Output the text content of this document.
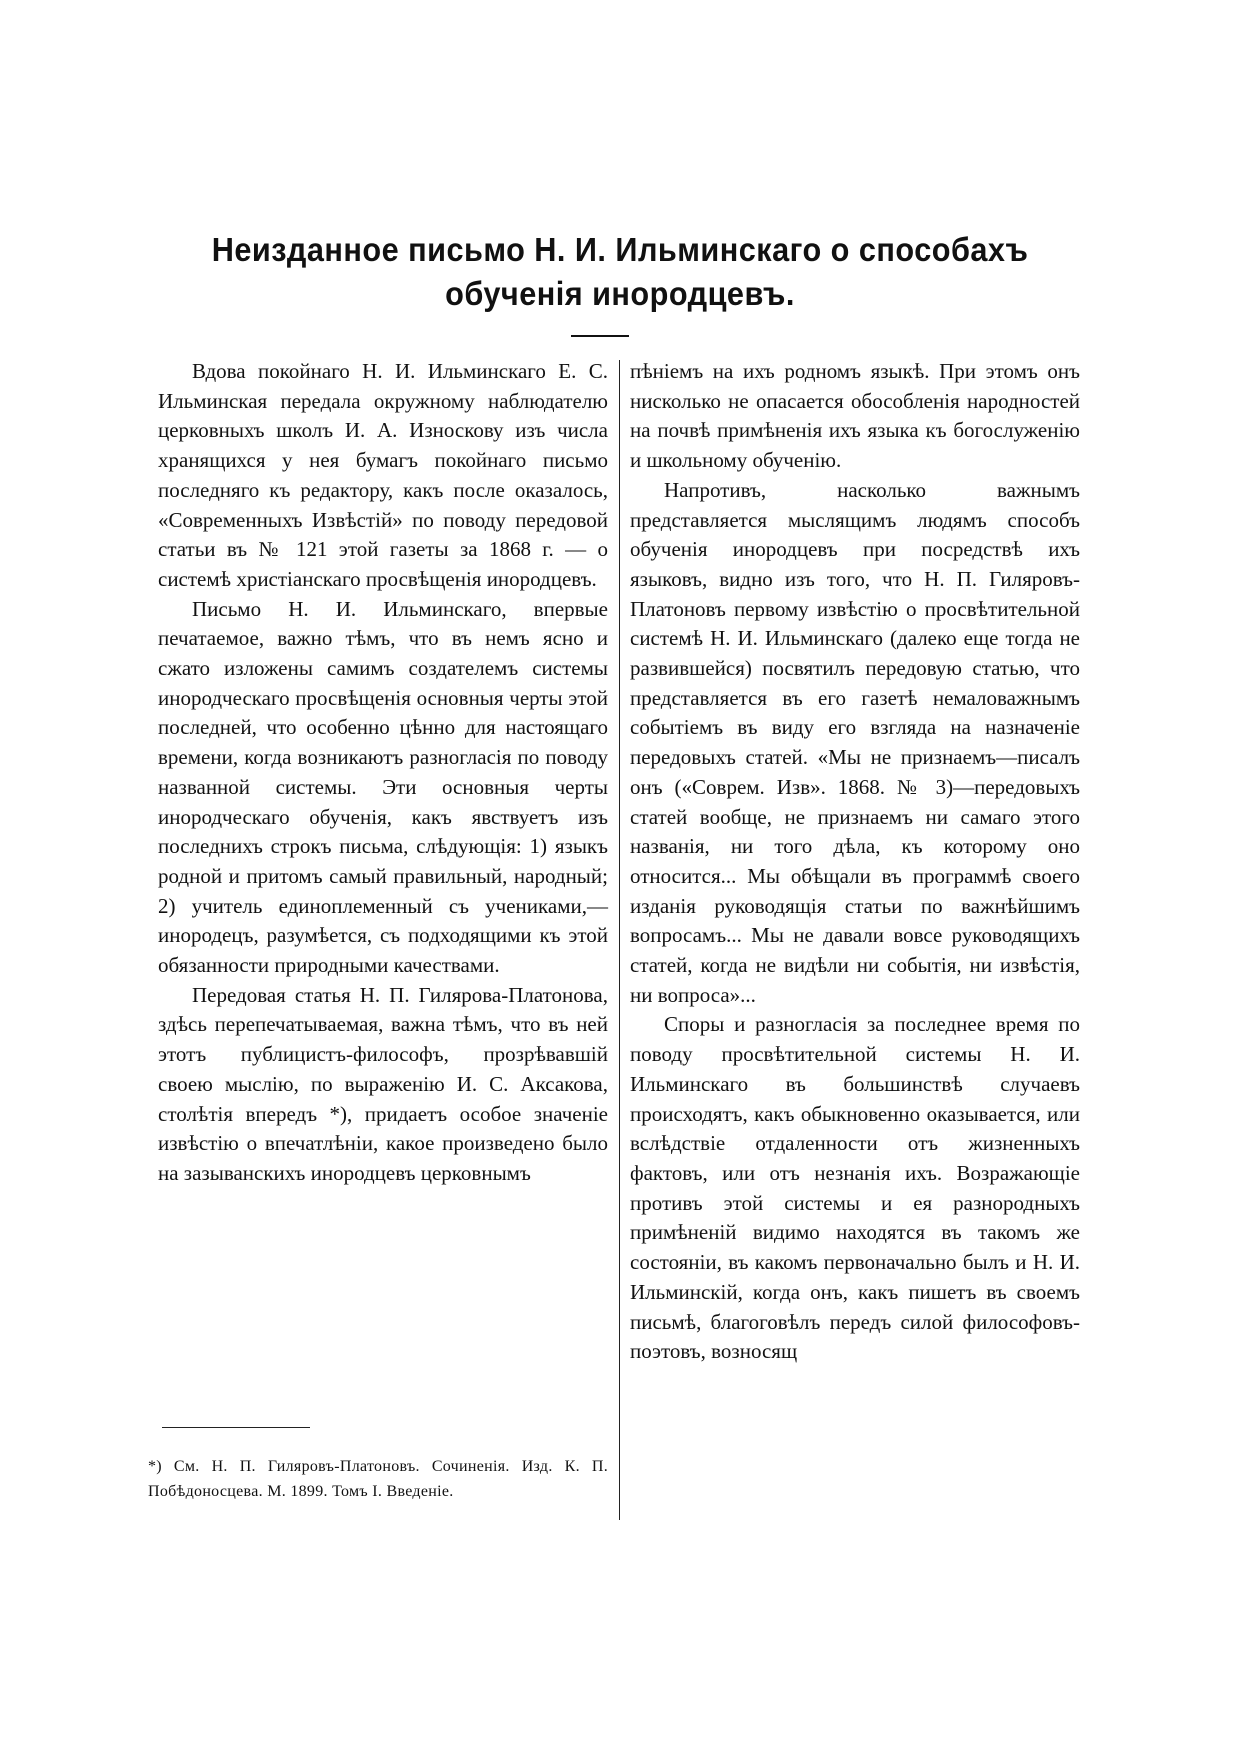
Неизданное письмо Н. И. Ильминскаго о способахъ
обученія инородцевъ.

Вдова покойнаго Н. И. Ильминскаго Е. С. Ильминская передала окружному наблюдателю церковныхъ школъ И. А. Износкову изъ числа хранящихся у нея бумагъ покойнаго письмо последняго къ редактору, какъ после оказалось, «Современныхъ Извѣстій» по поводу передовой статьи въ № 121 этой газеты за 1868 г. — о системѣ христіанскаго просвѣщенія инородцевъ.

Письмо Н. И. Ильминскаго, впервые печатаемое, важно тѣмъ, что въ немъ ясно и сжато изложены самимъ создателемъ системы инородческаго просвѣщенія основныя черты этой последней, что особенно цѣнно для настоящаго времени, когда возникаютъ разногласія по поводу названной системы. Эти основныя черты инородческаго обученія, какъ явствуетъ изъ последнихъ строкъ письма, слѣдующія: 1) языкъ родной и притомъ самый правильный, народный; 2) учитель единоплеменный съ учениками,—инородецъ, разумѣется, съ подходящими къ этой обязанности природными качествами.

Передовая статья Н. П. Гилярова-Платонова, здѣсь перепечатываемая, важна тѣмъ, что въ ней этотъ публицистъ-философъ, прозрѣвавшій своею мыслію, по выраженію И. С. Аксакова, столѣтія впередъ *), придаетъ особое значеніе извѣстію о впечатлѣніи, какое произведено было на зазыванскихъ инородцевъ церковнымъ

пѣніемъ на ихъ родномъ языкѣ. При этомъ онъ нисколько не опасается обособленія народностей на почвѣ примѣненія ихъ языка къ богослуженію и школьному обученію.

Напротивъ, насколько важнымъ представляется мыслящимъ людямъ способъ обученія инородцевъ при посредствѣ ихъ языковъ, видно изъ того, что Н. П. Гиляровъ-Платоновъ первому извѣстію о просвѣтительной системѣ Н. И. Ильминскаго (далеко еще тогда не развившейся) посвятилъ передовую статью, что представляется въ его газетѣ немаловажнымъ событіемъ въ виду его взгляда на назначеніе передовыхъ статей. «Мы не признаемъ—писалъ онъ («Соврем. Изв». 1868. № 3)—передовыхъ статей вообще, не признаемъ ни самаго этого названія, ни того дѣла, къ которому оно относится... Мы обѣщали въ программѣ своего изданія руководящія статьи по важнѣйшимъ вопросамъ... Мы не давали вовсе руководящихъ статей, когда не видѣли ни событія, ни извѣстія, ни вопроса»...

Споры и разногласія за последнее время по поводу просвѣтительной системы Н. И. Ильминскаго въ большинствѣ случаевъ происходятъ, какъ обыкновенно оказывается, или вслѣдствіе отдаленности отъ жизненныхъ фактовъ, или отъ незнанія ихъ. Возражающіе противъ этой системы и ея разнородныхъ примѣненій видимо находятся въ такомъ же состояніи, въ какомъ первоначально былъ и Н. И. Ильминскій, когда онъ, какъ пишетъ въ своемъ письмѣ, благоговѣлъ передъ силой философовъ-поэтовъ, возносящ

*) См. Н. П. Гиляровъ-Платоновъ. Сочиненія. Изд. К. П. Побѣдоносцева. М. 1899. Томъ I. Введеніе.
